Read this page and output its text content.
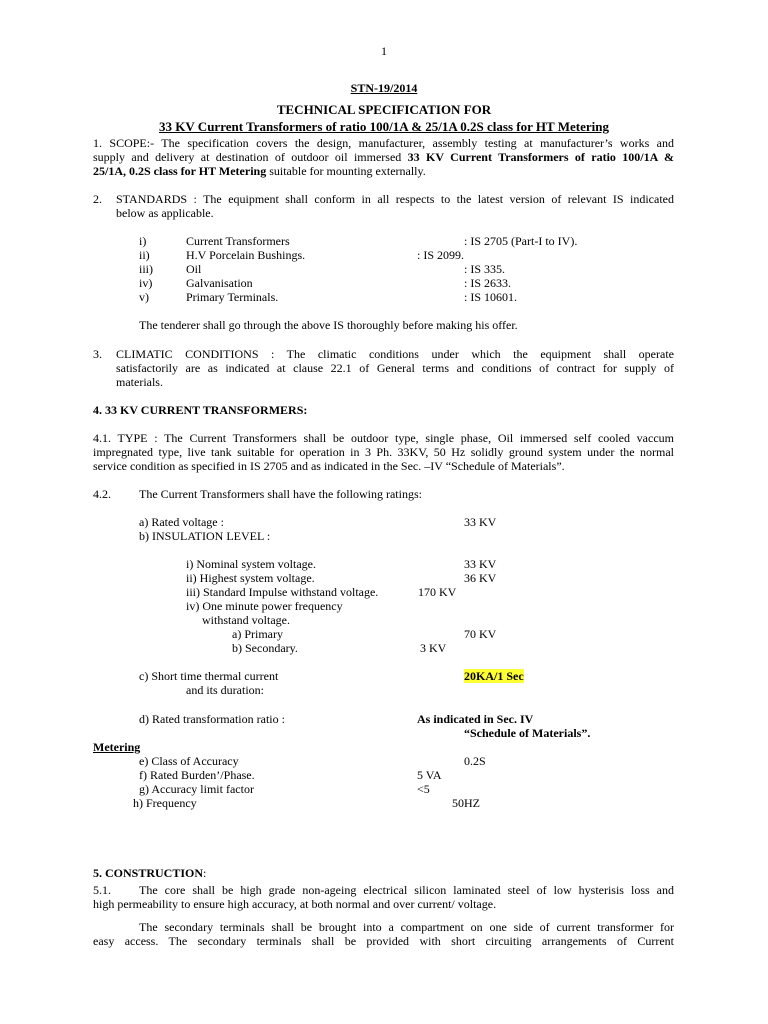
1
STN-19/2014
TECHNICAL SPECIFICATION FOR
33 KV Current Transformers of ratio 100/1A & 25/1A 0.2S class for HT Metering
1. SCOPE:- The specification covers the design, manufacturer, assembly testing at manufacturer’s works and
supply and delivery at destination of outdoor oil immersed 33 KV Current Transformers of ratio 100/1A &
25/1A, 0.2S class for HT Metering suitable for mounting externally.
2. STANDARDS : The equipment shall conform in all respects to the latest version of relevant IS indicated
below as applicable.
i)	Current Transformers	: IS 2705 (Part-I to IV).
ii)	H.V Porcelain Bushings.	: IS 2099.
iii)	Oil	: IS 335.
iv)	Galvanisation	: IS 2633.
v)	Primary Terminals.	: IS 10601.
The tenderer shall go through the above IS thoroughly before making his offer.
3. CLIMATIC CONDITIONS : The climatic conditions under which the equipment shall operate
satisfactorily are as indicated at clause 22.1 of General terms and conditions of contract for supply of
materials.
4. 33 KV CURRENT TRANSFORMERS:
4.1. TYPE : The Current Transformers shall be outdoor type, single phase, Oil immersed self cooled vaccum
impregnated type, live tank suitable for operation in 3 Ph. 33KV, 50 Hz solidly ground system under the normal
service condition as specified in IS 2705 and as indicated in the Sec. –IV “Schedule of Materials”.
4.2. The Current Transformers shall have the following ratings:
a) Rated voltage :	33 KV
b) INSULATION LEVEL :
i) Nominal system voltage.	33 KV
ii) Highest system voltage.	36 KV
iii) Standard Impulse withstand voltage.	170 KV
iv) One minute power frequency
withstand voltage.
a) Primary	70 KV
b) Secondary.	3 KV
c) Short time thermal current	20KA/1 Sec
and its duration:
d) Rated transformation ratio :	As indicated in Sec. IV
“Schedule of Materials”.
Metering
e) Class of Accuracy	0.2S
f) Rated Burden’/Phase.	5 VA
g) Accuracy limit factor	<5
h) Frequency	50HZ
5. CONSTRUCTION:
5.1. The core shall be high grade non-ageing electrical silicon laminated steel of low hysterisis loss and
high permeability to ensure high accuracy, at both normal and over current/ voltage.
The secondary terminals shall be brought into a compartment on one side of current transformer for
easy access. The secondary terminals shall be provided with short circuiting arrangements of Current
